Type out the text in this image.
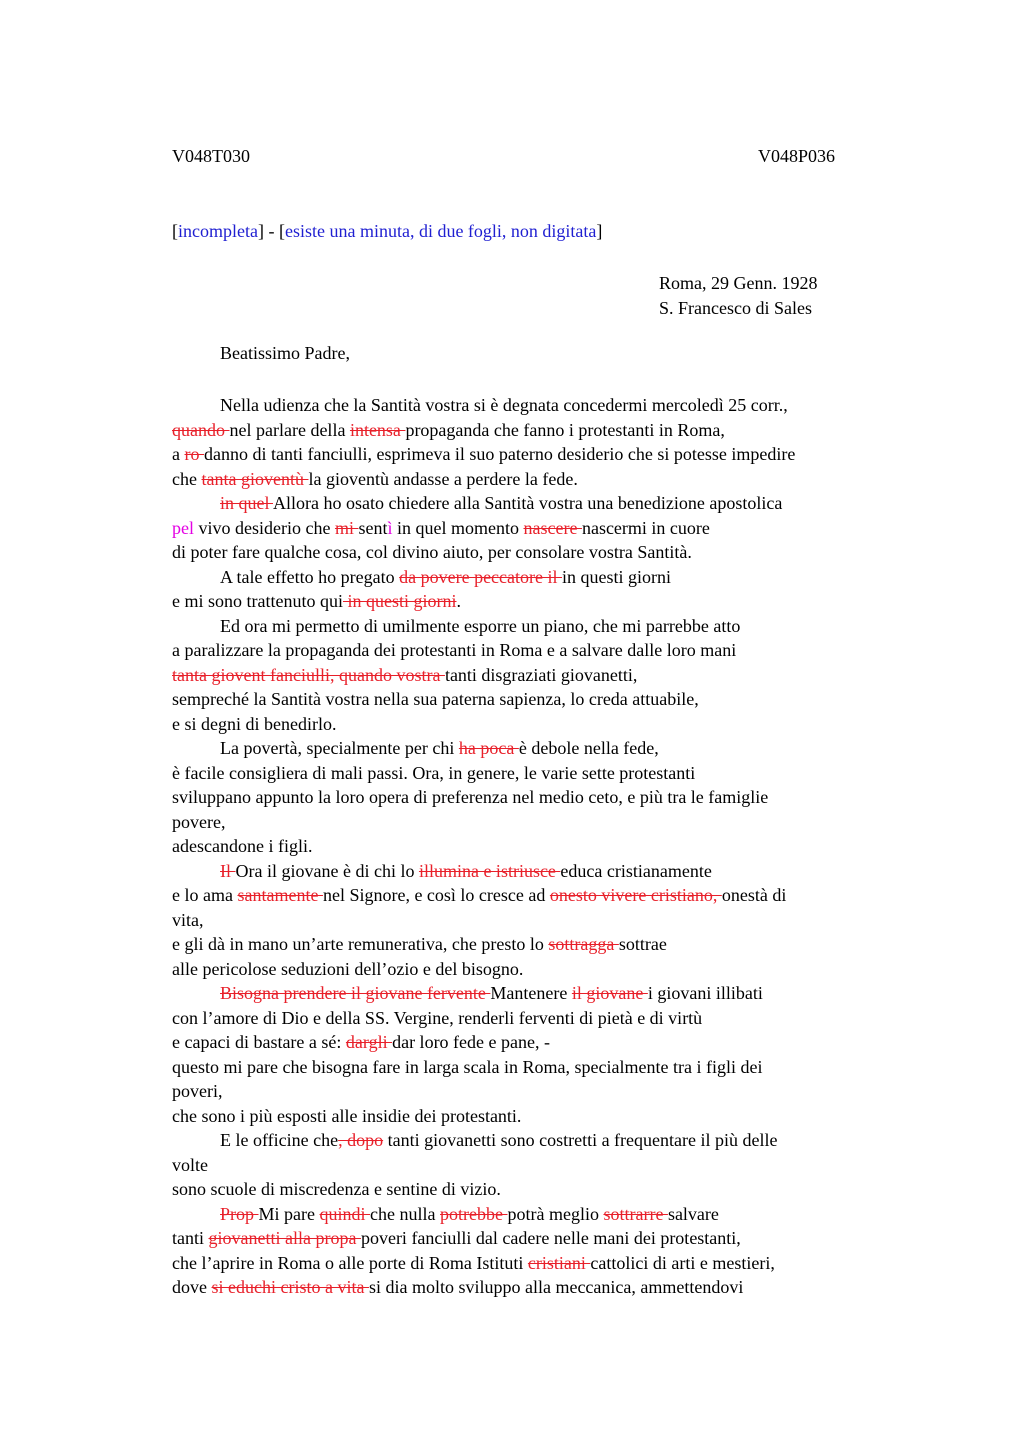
V048T030	V048P036
[incompleta] - [esiste una minuta, di due fogli, non digitata]
Roma, 29 Genn. 1928
S. Francesco di Sales
Beatissimo Padre,
Nella udienza che la Santità vostra si è degnata concedermi mercoledì 25 corr.,
quando nel parlare della intensa propaganda che fanno i protestanti in Roma,
a ro danno di tanti fanciulli, esprimeva il suo paterno desiderio che si potesse impedire
che tanta gioventù la gioventù andasse a perdere la fede.
in quel Allora ho osato chiedere alla Santità vostra una benedizione apostolica
pel vivo desiderio che mi sentì in quel momento nascere nascermi in cuore
di poter fare qualche cosa, col divino aiuto, per consolare vostra Santità.
A tale effetto ho pregato da povere peccatore il in questi giorni
e mi sono trattenuto qui in questi giorni.
Ed ora mi permetto di umilmente esporre un piano, che mi parrebbe atto
a paralizzare la propaganda dei protestanti in Roma e a salvare dalle loro mani
tanta giovent fanciulli, quando vostra tanti disgraziati giovanetti,
sempreché la Santità vostra nella sua paterna sapienza, lo creda attuabile,
e si degni di benedirlo.
La povertà, specialmente per chi ha poca è debole nella fede,
è facile consigliera di mali passi. Ora, in genere, le varie sette protestanti
sviluppano appunto la loro opera di preferenza nel medio ceto, e più tra le famiglie
povere,
adescandone i figli.
Il Ora il giovane è di chi lo illumina e istriusce educa cristianamente
e lo ama santamente nel Signore, e così lo cresce ad onesto vivere cristiano, onestà di
vita,
e gli dà in mano un’arte remunerativa, che presto lo sottragga sottrae
alle pericolose seduzioni dell’ozio e del bisogno.
Bisogna prendere il giovane fervente Mantenere il giovane i giovani illibati
con l’amore di Dio e della SS. Vergine, renderli ferventi di pietà e di virtù
e capaci di bastare a sé: dargli dar loro fede e pane, -
questo mi pare che bisogna fare in larga scala in Roma, specialmente tra i figli dei
poveri,
che sono i più esposti alle insidie dei protestanti.
E le officine che, dopo tanti giovanetti sono costretti a frequentare il più delle
volte
sono scuole di miscredenza e sentine di vizio.
Prop Mi pare quindi che nulla potrebbe potrà meglio sottrarre salvare
tanti giovanetti alla propa poveri fanciulli dal cadere nelle mani dei protestanti,
che l’aprire in Roma o alle porte di Roma Istituti cristiani cattolici di arti e mestieri,
dove si educhi cristo a vita si dia molto sviluppo alla meccanica, ammettendovi
